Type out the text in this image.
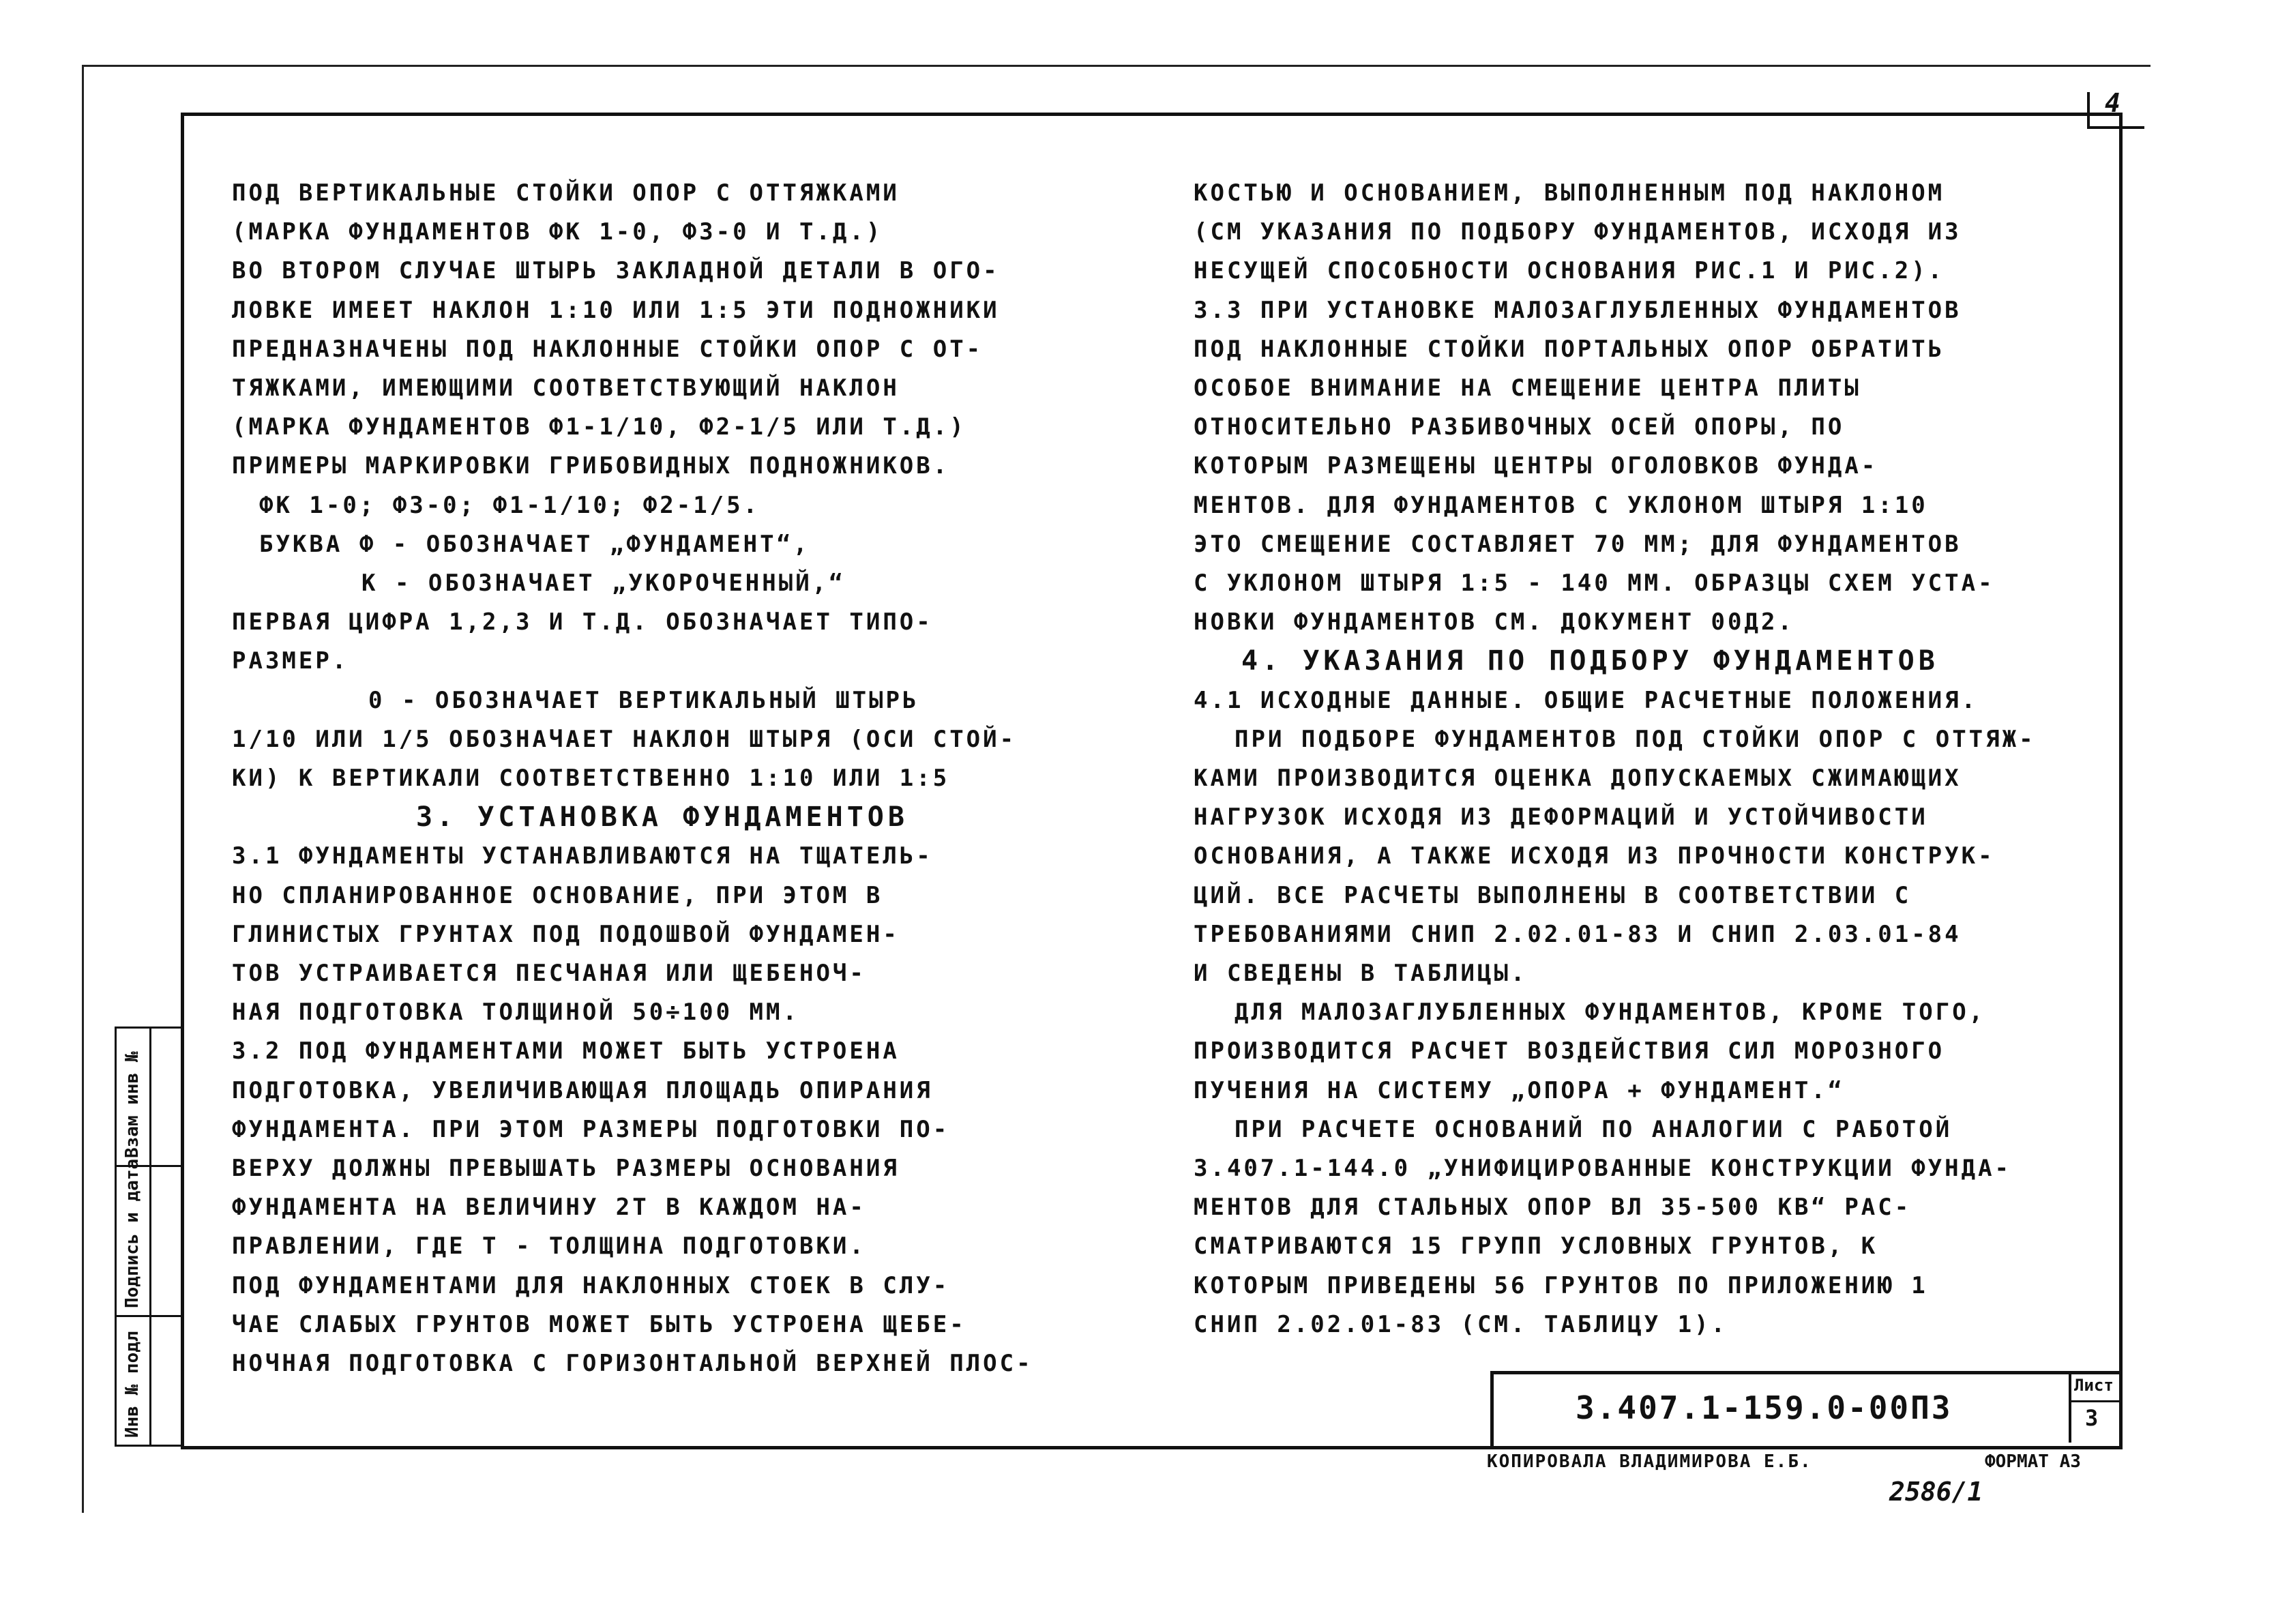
4
Инв № подл
Подпись и дата
Взам инв №
ПОД ВЕРТИКАЛЬНЫЕ СТОЙКИ ОПОР С ОТТЯЖКАМИ
(МАРКА ФУНДАМЕНТОВ ФК 1-0, Ф3-0 И Т.Д.)
ВО ВТОРОМ СЛУЧАЕ ШТЫРЬ ЗАКЛАДНОЙ ДЕТАЛИ В ОГО-
ЛОВКЕ ИМЕЕТ НАКЛОН 1:10 ИЛИ 1:5 ЭТИ ПОДНОЖНИКИ
ПРЕДНАЗНАЧЕНЫ ПОД НАКЛОННЫЕ СТОЙКИ ОПОР С ОТ-
ТЯЖКАМИ, ИМЕЮЩИМИ СООТВЕТСТВУЮЩИЙ НАКЛОН
(МАРКА ФУНДАМЕНТОВ Ф1-1/10, Ф2-1/5 ИЛИ Т.Д.)
ПРИМЕРЫ МАРКИРОВКИ ГРИБОВИДНЫХ ПОДНОЖНИКОВ.
ФК 1-0; Ф3-0; Ф1-1/10; Ф2-1/5.
БУКВА Ф - ОБОЗНАЧАЕТ „ФУНДАМЕНТ“,
К - ОБОЗНАЧАЕТ „УКОРОЧЕННЫЙ,“
ПЕРВАЯ ЦИФРА 1,2,3 И Т.Д. ОБОЗНАЧАЕТ ТИПО-
РАЗМЕР.
0 - ОБОЗНАЧАЕТ ВЕРТИКАЛЬНЫЙ ШТЫРЬ
1/10 ИЛИ 1/5 ОБОЗНАЧАЕТ НАКЛОН ШТЫРЯ (ОСИ СТОЙ-
КИ) К ВЕРТИКАЛИ СООТВЕТСТВЕННО 1:10 ИЛИ 1:5
3. УСТАНОВКА ФУНДАМЕНТОВ
3.1 ФУНДАМЕНТЫ УСТАНАВЛИВАЮТСЯ НА ТЩАТЕЛЬ-
НО СПЛАНИРОВАННОЕ ОСНОВАНИЕ, ПРИ ЭТОМ В
ГЛИНИСТЫХ ГРУНТАХ ПОД ПОДОШВОЙ ФУНДАМЕН-
ТОВ УСТРАИВАЕТСЯ ПЕСЧАНАЯ ИЛИ ЩЕБЕНОЧ-
НАЯ ПОДГОТОВКА ТОЛЩИНОЙ 50÷100 ММ.
3.2 ПОД ФУНДАМЕНТАМИ МОЖЕТ БЫТЬ УСТРОЕНА
ПОДГОТОВКА, УВЕЛИЧИВАЮЩАЯ ПЛОЩАДЬ ОПИРАНИЯ
ФУНДАМЕНТА. ПРИ ЭТОМ РАЗМЕРЫ ПОДГОТОВКИ ПО-
ВЕРХУ ДОЛЖНЫ ПРЕВЫШАТЬ РАЗМЕРЫ ОСНОВАНИЯ
ФУНДАМЕНТА НА ВЕЛИЧИНУ 2T В КАЖДОМ НА-
ПРАВЛЕНИИ, ГДЕ T - ТОЛЩИНА ПОДГОТОВКИ.
ПОД ФУНДАМЕНТАМИ ДЛЯ НАКЛОННЫХ СТОЕК В СЛУ-
ЧАЕ СЛАБЫХ ГРУНТОВ МОЖЕТ БЫТЬ УСТРОЕНА ЩЕБЕ-
НОЧНАЯ ПОДГОТОВКА С ГОРИЗОНТАЛЬНОЙ ВЕРХНЕЙ ПЛОС-
КОСТЬЮ И ОСНОВАНИЕМ, ВЫПОЛНЕННЫМ ПОД НАКЛОНОМ
(СМ УКАЗАНИЯ ПО ПОДБОРУ ФУНДАМЕНТОВ, ИСХОДЯ ИЗ
НЕСУЩЕЙ СПОСОБНОСТИ ОСНОВАНИЯ РИС.1 И РИС.2).
3.3 ПРИ УСТАНОВКЕ МАЛОЗАГЛУБЛЕННЫХ ФУНДАМЕНТОВ
ПОД НАКЛОННЫЕ СТОЙКИ ПОРТАЛЬНЫХ ОПОР ОБРАТИТЬ
ОСОБОЕ ВНИМАНИЕ НА СМЕЩЕНИЕ ЦЕНТРА ПЛИТЫ
ОТНОСИТЕЛЬНО РАЗБИВОЧНЫХ ОСЕЙ ОПОРЫ, ПО
КОТОРЫМ РАЗМЕЩЕНЫ ЦЕНТРЫ ОГОЛОВКОВ ФУНДА-
МЕНТОВ. ДЛЯ ФУНДАМЕНТОВ С УКЛОНОМ ШТЫРЯ 1:10
ЭТО СМЕЩЕНИЕ СОСТАВЛЯЕТ 70 ММ; ДЛЯ ФУНДАМЕНТОВ
С УКЛОНОМ ШТЫРЯ 1:5 - 140 ММ. ОБРАЗЦЫ СХЕМ УСТА-
НОВКИ ФУНДАМЕНТОВ СМ. ДОКУМЕНТ 00Д2.
4. УКАЗАНИЯ ПО ПОДБОРУ ФУНДАМЕНТОВ
4.1 ИСХОДНЫЕ ДАННЫЕ. ОБЩИЕ РАСЧЕТНЫЕ ПОЛОЖЕНИЯ.
ПРИ ПОДБОРЕ ФУНДАМЕНТОВ ПОД СТОЙКИ ОПОР С ОТТЯЖ-
КАМИ ПРОИЗВОДИТСЯ ОЦЕНКА ДОПУСКАЕМЫХ СЖИМАЮЩИХ
НАГРУЗОК ИСХОДЯ ИЗ ДЕФОРМАЦИЙ И УСТОЙЧИВОСТИ
ОСНОВАНИЯ, А ТАКЖЕ ИСХОДЯ ИЗ ПРОЧНОСТИ КОНСТРУК-
ЦИЙ. ВСЕ РАСЧЕТЫ ВЫПОЛНЕНЫ В СООТВЕТСТВИИ С
ТРЕБОВАНИЯМИ СНИП 2.02.01-83 И СНИП 2.03.01-84
И СВЕДЕНЫ В ТАБЛИЦЫ.
ДЛЯ МАЛОЗАГЛУБЛЕННЫХ ФУНДАМЕНТОВ, КРОМЕ ТОГО,
ПРОИЗВОДИТСЯ РАСЧЕТ ВОЗДЕЙСТВИЯ СИЛ МОРОЗНОГО
ПУЧЕНИЯ НА СИСТЕМУ „ОПОРА + ФУНДАМЕНТ.“
ПРИ РАСЧЕТЕ ОСНОВАНИЙ ПО АНАЛОГИИ С РАБОТОЙ
3.407.1-144.0 „УНИФИЦИРОВАННЫЕ КОНСТРУКЦИИ ФУНДА-
МЕНТОВ ДЛЯ СТАЛЬНЫХ ОПОР ВЛ 35-500 КВ“ РАС-
СМАТРИВАЮТСЯ 15 ГРУПП УСЛОВНЫХ ГРУНТОВ, К
КОТОРЫМ ПРИВЕДЕНЫ 56 ГРУНТОВ ПО ПРИЛОЖЕНИЮ 1
СНИП 2.02.01-83 (СМ. ТАБЛИЦУ 1).
3.407.1-159.0-00ПЗ
Лист
3
КОПИРОВАЛА ВЛАДИМИРОВА Е.Б.	ФОРМАТ А3
2586/1
